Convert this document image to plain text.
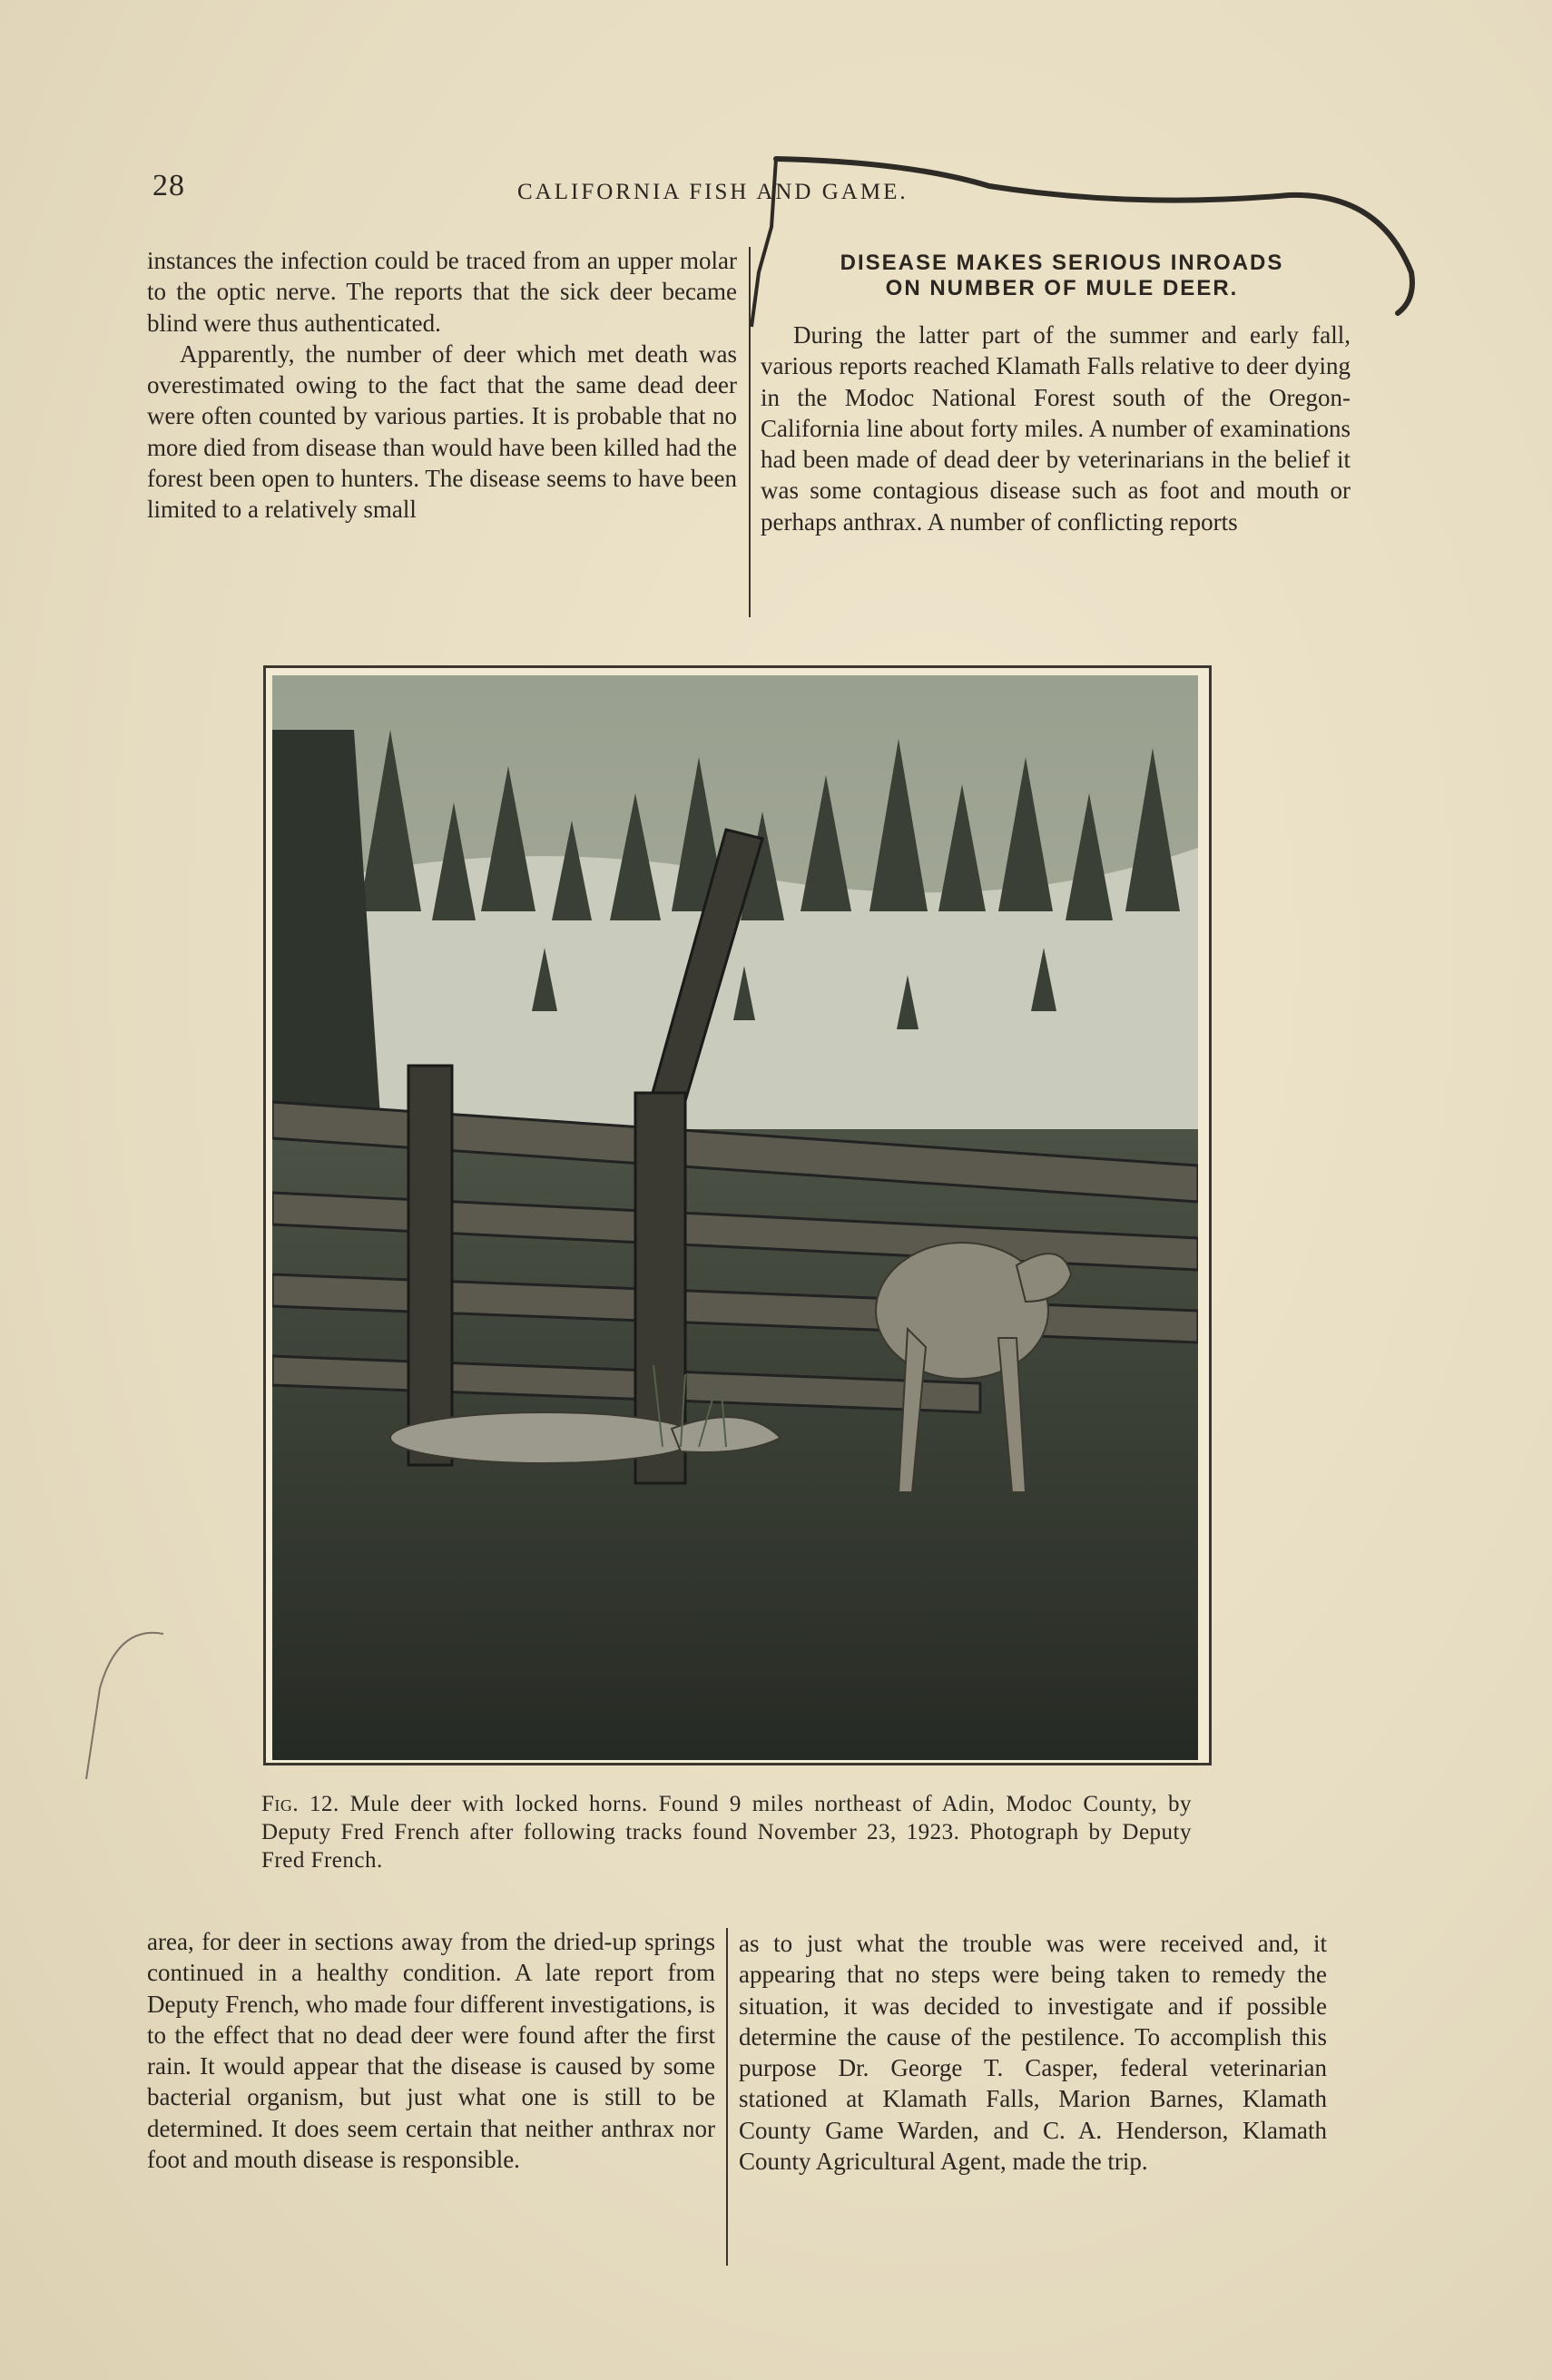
28	CALIFORNIA FISH AND GAME.

instances the infection could be traced from an upper molar to the optic nerve. The reports that the sick deer became blind were thus authenticated.

Apparently, the number of deer which met death was overestimated owing to the fact that the same dead deer were often counted by various parties. It is probable that no more died from disease than would have been killed had the forest been open to hunters. The disease seems to have been limited to a relatively small

DISEASE MAKES SERIOUS INROADS
ON NUMBER OF MULE DEER.

During the latter part of the summer and early fall, various reports reached Klamath Falls relative to deer dying in the Modoc National Forest south of the Oregon-California line about forty miles. A number of examinations had been made of dead deer by veterinarians in the belief it was some contagious disease such as foot and mouth or perhaps anthrax. A number of conflicting reports

Fig. 12. Mule deer with locked horns. Found 9 miles northeast of Adin, Modoc County, by Deputy Fred French after following tracks found November 23, 1923. Photograph by Deputy Fred French.

area, for deer in sections away from the dried-up springs continued in a healthy condition. A late report from Deputy French, who made four different investigations, is to the effect that no dead deer were found after the first rain. It would appear that the disease is caused by some bacterial organism, but just what one is still to be determined. It does seem certain that neither anthrax nor foot and mouth disease is responsible.

as to just what the trouble was were received and, it appearing that no steps were being taken to remedy the situation, it was decided to investigate and if possible determine the cause of the pestilence. To accomplish this purpose Dr. George T. Casper, federal veterinarian stationed at Klamath Falls, Marion Barnes, Klamath County Game Warden, and C. A. Henderson, Klamath County Agricultural Agent, made the trip.
